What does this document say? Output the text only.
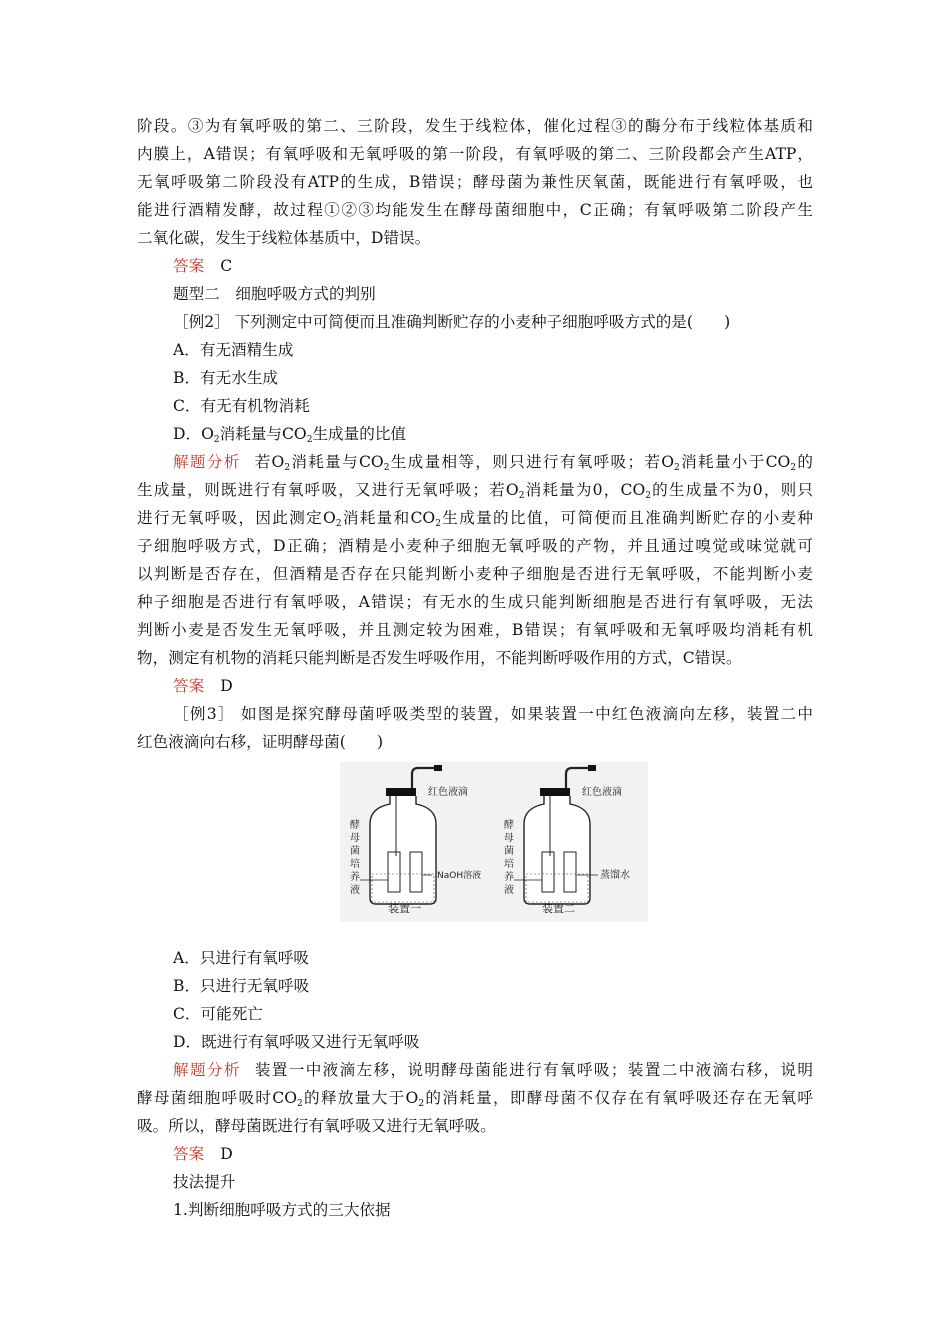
阶段。③为有氧呼吸的第二、三阶段，发生于线粒体，催化过程③的酶分布于线粒体基质和
内膜上，A错误；有氧呼吸和无氧呼吸的第一阶段，有氧呼吸的第二、三阶段都会产生ATP，
无氧呼吸第二阶段没有ATP的生成，B错误；酵母菌为兼性厌氧菌，既能进行有氧呼吸，也
能进行酒精发酵，故过程①②③均能发生在酵母菌细胞中，C正确；有氧呼吸第二阶段产生
二氧化碳，发生于线粒体基质中，D错误。
答案 C
题型二　细胞呼吸方式的判别
［例2］ 下列测定中可简便而且准确判断贮存的小麦种子细胞呼吸方式的是(　　)
A．有无酒精生成
B．有无水生成
C．有无有机物消耗
D．$O_2$消耗量与$CO_2$生成量的比值
解题分析 若$O_2$消耗量与$CO_2$生成量相等，则只进行有氧呼吸；若$O_2$消耗量小于$CO_2$的
生成量，则既进行有氧呼吸，又进行无氧呼吸；若$O_2$消耗量为0，$CO_2$的生成量不为0，则只
进行无氧呼吸，因此测定$O_2$消耗量和$CO_2$生成量的比值，可简便而且准确判断贮存的小麦种
子细胞呼吸方式，D正确；酒精是小麦种子细胞无氧呼吸的产物，并且通过嗅觉或味觉就可
以判断是否存在，但酒精是否存在只能判断小麦种子细胞是否进行无氧呼吸，不能判断小麦
种子细胞是否进行有氧呼吸，A错误；有无水的生成只能判断细胞是否进行有氧呼吸，无法
判断小麦是否发生无氧呼吸，并且测定较为困难，B错误；有氧呼吸和无氧呼吸均消耗有机
物，测定有机物的消耗只能判断是否发生呼吸作用，不能判断呼吸作用的方式，C错误。
答案 D
［例3］ 如图是探究酵母菌呼吸类型的装置，如果装置一中红色液滴向左移，装置二中
红色液滴向右移，证明酵母菌(　　)
A．只进行有氧呼吸
B．只进行无氧呼吸
C．可能死亡
D．既进行有氧呼吸又进行无氧呼吸
解题分析 装置一中液滴左移，说明酵母菌能进行有氧呼吸；装置二中液滴右移，说明
酵母菌细胞呼吸时$CO_2$的释放量大于$O_2$的消耗量，即酵母菌不仅存在有氧呼吸还存在无氧呼
吸。所以，酵母菌既进行有氧呼吸又进行无氧呼吸。
答案 D
技法提升
1.判断细胞呼吸方式的三大依据
红色液滴
NaOH溶液
酵
母
菌
培
养
液
装置一
红色液滴
蒸馏水
酵
母
菌
培
养
液
装置二
